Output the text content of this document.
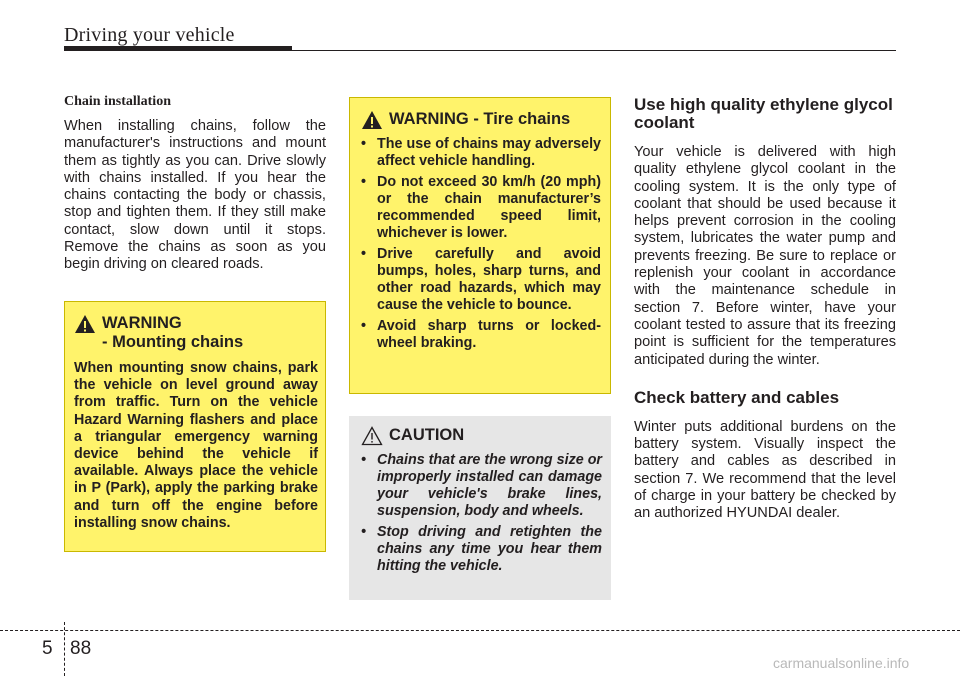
Driving your vehicle
Chain installation

When installing chains, follow the manufacturer's instructions and mount them as tightly as you can. Drive slowly with chains installed. If you hear the chains contacting the body or chassis, stop and tighten them. If they still make contact, slow down until it stops. Remove the chains as soon as you begin driving on cleared roads.

WARNING
- Mounting chains
When mounting snow chains, park the vehicle on level ground away from traffic. Turn on the vehicle Hazard Warning flashers and place a triangular emergency warning device behind the vehicle if available. Always place the vehicle in P (Park), apply the parking brake and turn off the engine before installing snow chains.
WARNING - Tire chains
• The use of chains may adversely affect vehicle handling.
• Do not exceed 30 km/h (20 mph) or the chain manufacturer’s recommended speed limit, whichever is lower.
• Drive carefully and avoid bumps, holes, sharp turns, and other road hazards, which may cause the vehicle to bounce.
• Avoid sharp turns or locked-wheel braking.
CAUTION
• Chains that are the wrong size or improperly installed can damage your vehicle's brake lines, suspension, body and wheels.
• Stop driving and retighten the chains any time you hear them hitting the vehicle.
Use high quality ethylene glycol coolant

Your vehicle is delivered with high quality ethylene glycol coolant in the cooling system. It is the only type of coolant that should be used because it helps prevent corrosion in the cooling system, lubricates the water pump and prevents freezing. Be sure to replace or replenish your coolant in accordance with the maintenance schedule in section 7. Before winter, have your coolant tested to assure that its freezing point is sufficient for the temperatures anticipated during the winter.

Check battery and cables

Winter puts additional burdens on the battery system. Visually inspect the battery and cables as described in section 7. We recommend that the level of charge in your battery be checked by an authorized HYUNDAI dealer.

5 88
carmanualsonline.info
